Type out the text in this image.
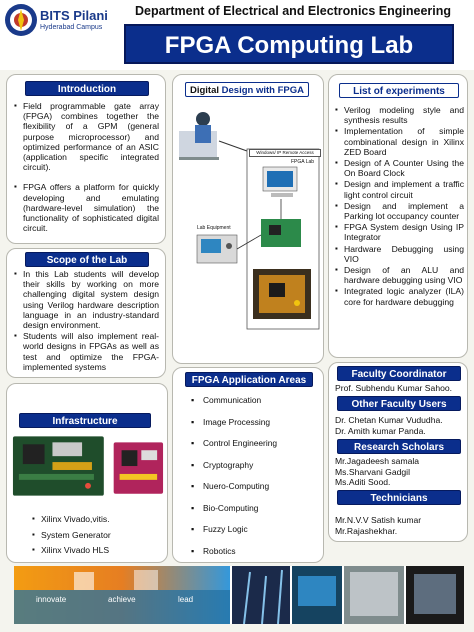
BITS Pilani
Hyderabad Campus
Department of Electrical and Electronics Engineering
FPGA Computing Lab
Introduction
▪ Field programmable gate array (FPGA) combines together the flexibility of a GPM (general purpose microprocessor) and optimized performance of an ASIC (application specific integrated circuit).
▪ FPGA offers a platform for quickly developing and emulating (hardware-level simulation) the functionality of sophisticated digital circuit.
Scope of the Lab
▪ In this Lab students will develop their skills by working on more challenging digital system design using Verilog hardware description language in an industry-standard design environment.
▪ Students will also implement real-world designs in FPGAs as well as test and optimize the FPGA-implemented systems
Infrastructure
▪ Xilinx Vivado,vitis.
▪ System Generator
▪ Xilinx Vivado HLS
Digital Design with FPGA
Windows/ IP Remote Access
FPGA Lab
Lab Equipment
FPGA Application Areas
▪ Communication
▪ Image Processing
▪ Control Engineering
▪ Cryptography
▪ Nuero-Computing
▪ Bio-Computing
▪ Fuzzy Logic
▪ Robotics
▪
List of experiments
▪ Verilog modeling style and synthesis results
▪ Implementation of simple combinational design in Xilinx ZED Board
▪ Design of A Counter Using the On Board Clock
▪ Design and implement a traffic light control circuit
▪ Design and implement a Parking lot occupancy counter
▪ FPGA System design Using IP Integrator
▪ Hardware Debugging using VIO
▪ Design of an ALU and hardware debugging using VIO
▪ Integrated logic analyzer (ILA) core for hardware debugging
Faculty Coordinator
Prof. Subhendu Kumar Sahoo.
Other Faculty Users
Dr. Chetan Kumar Vududha.
Dr. Amith kumar Panda.
Research Scholars
Mr.Jagadeesh samala
Ms.Sharvani Gadgil
Ms.Aditi Sood.
Technicians
Mr.N.V.V Satish kumar
Mr.Rajashekhar.
innovate	achieve	lead
